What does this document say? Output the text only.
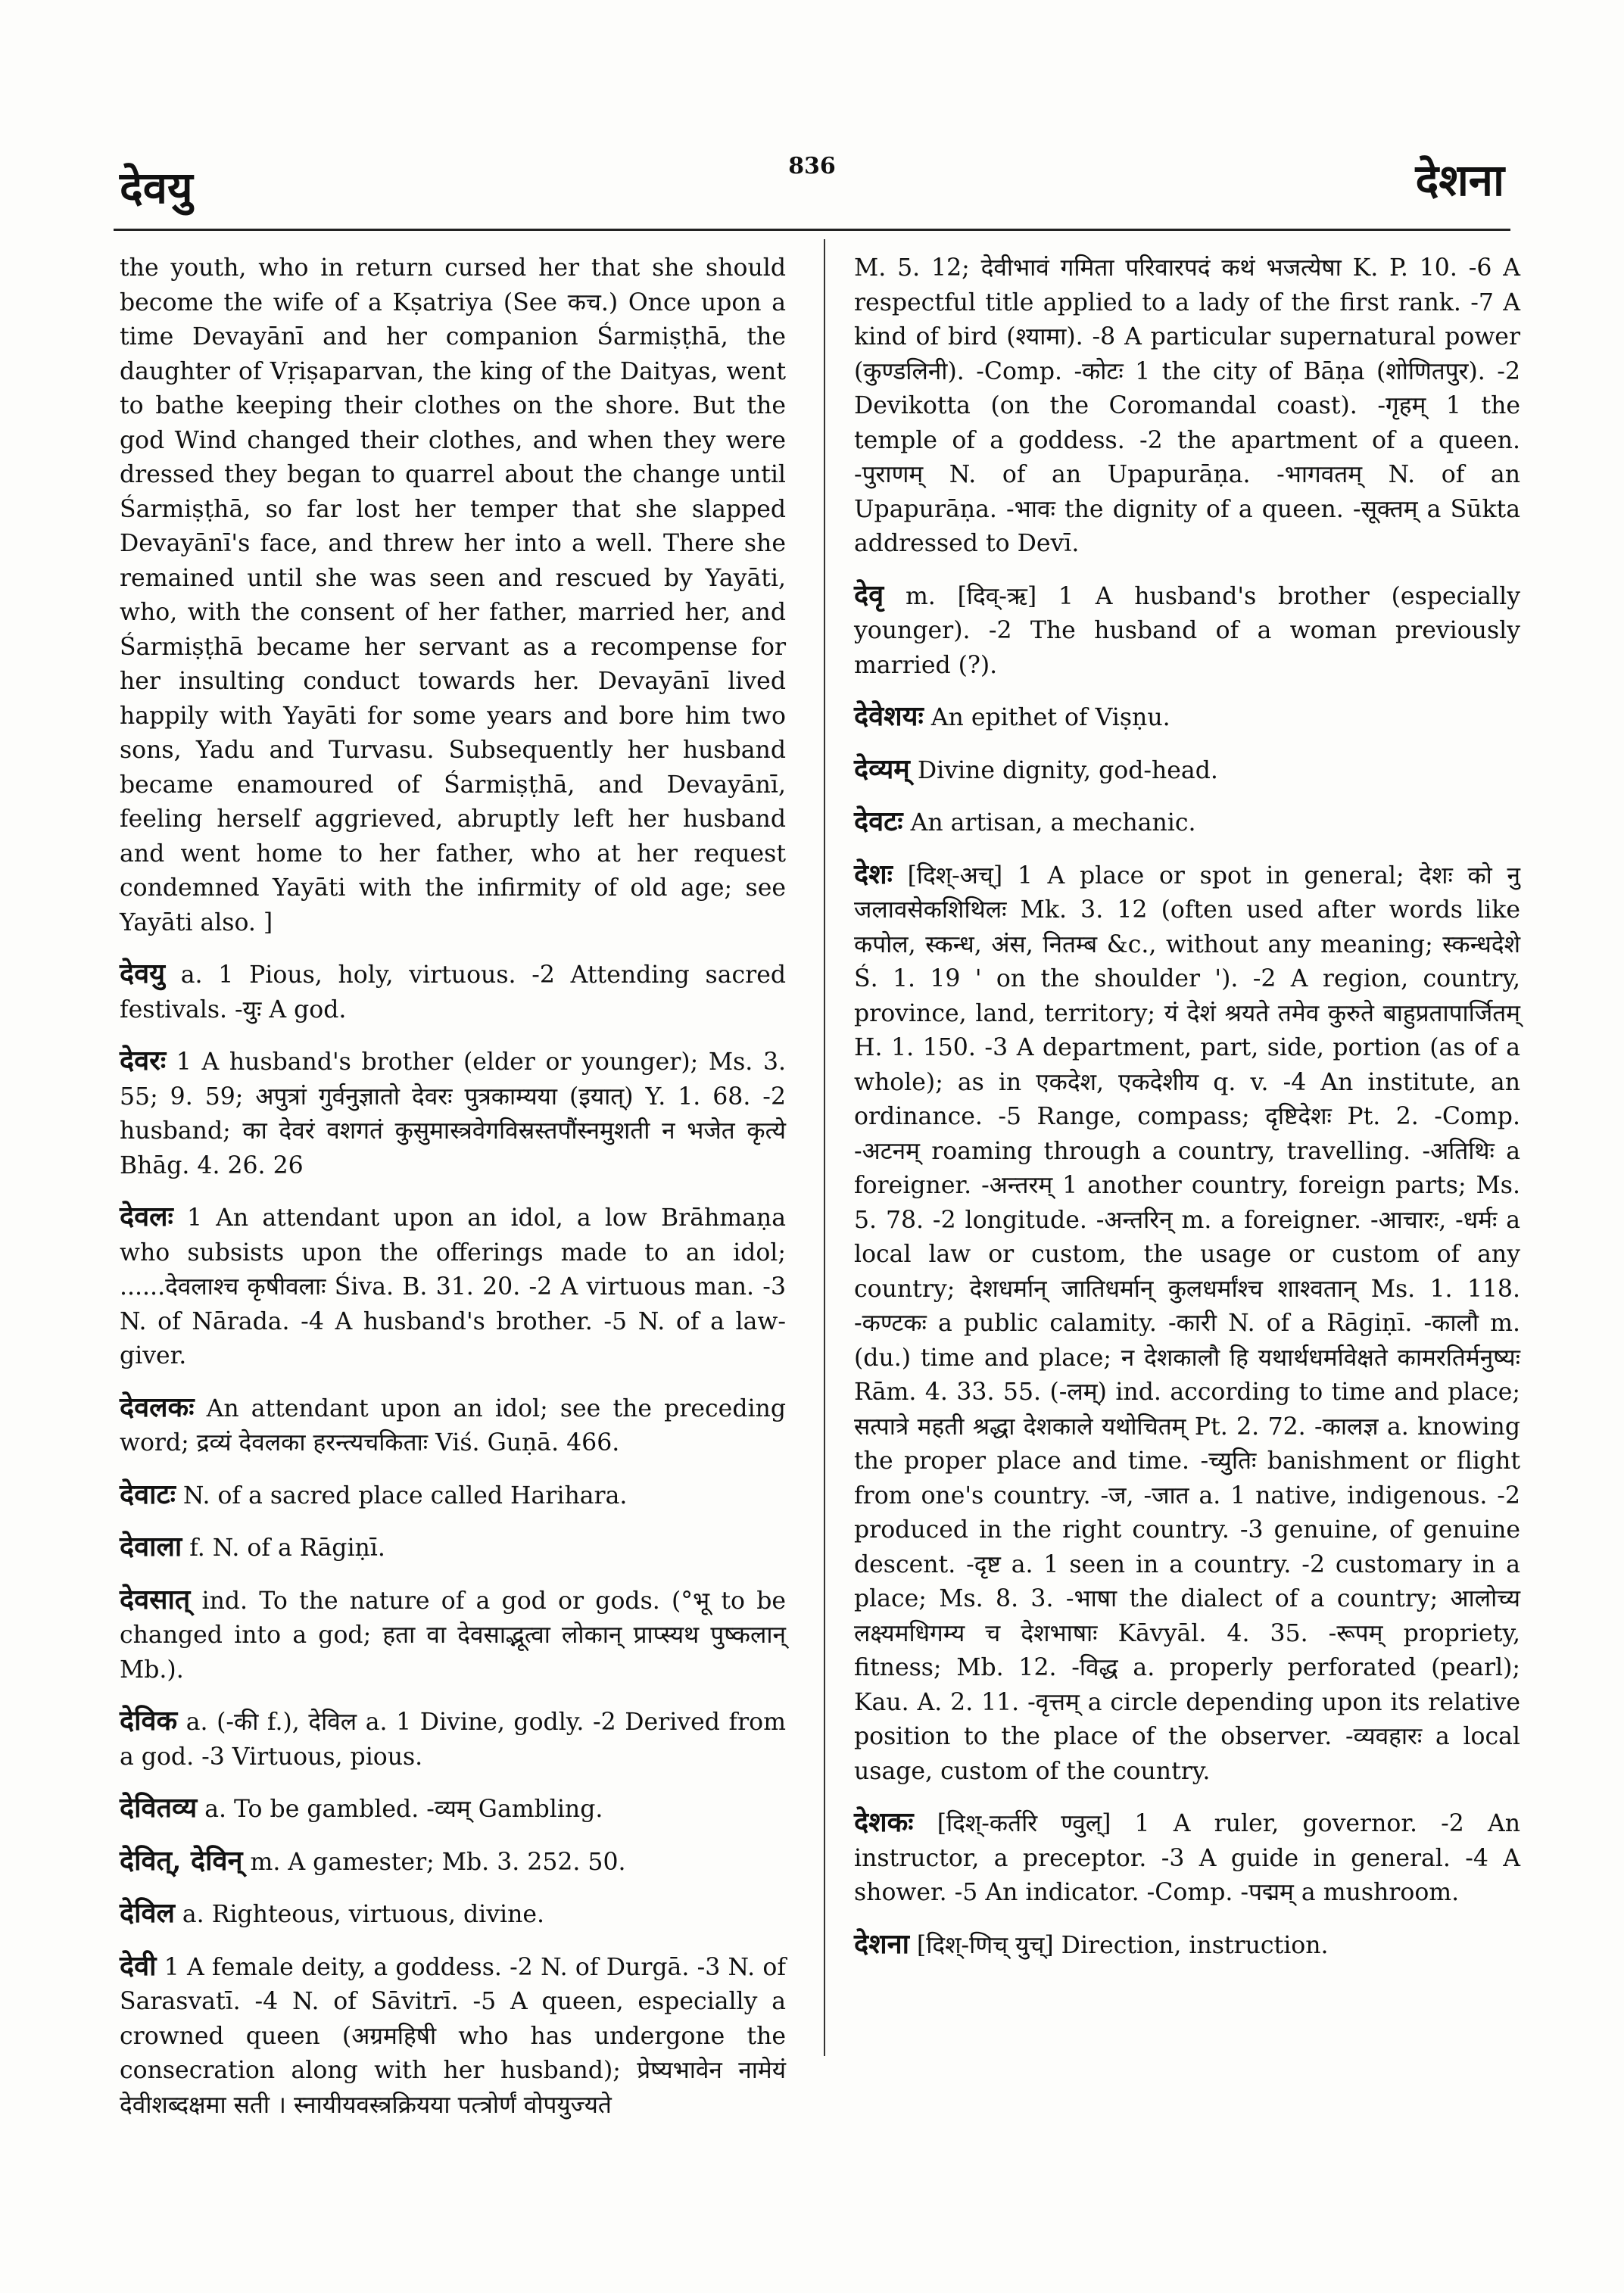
देवयु	836	देशना

the youth, who in return cursed her that she should become the wife of a Kṣatriya (See कच.) Once upon a time Devayānī and her companion Śarmiṣṭhā, the daughter of Vṛiṣaparvan, the king of the Daityas, went to bathe keeping their clothes on the shore. But the god Wind changed their clothes, and when they were dressed they began to quarrel about the change until Śarmiṣṭhā, so far lost her temper that she slapped Devayānī's face, and threw her into a well. There she remained until she was seen and rescued by Yayāti, who, with the consent of her father, married her, and Śarmiṣṭhā became her servant as a recompense for her insulting conduct towards her. Devayānī lived happily with Yayāti for some years and bore him two sons, Yadu and Turvasu. Subsequently her husband became enamoured of Śarmiṣṭhā, and Devayānī, feeling herself aggrieved, abruptly left her husband and went home to her father, who at her request condemned Yayāti with the infirmity of old age; see Yayāti also. ]

देवयु a. 1 Pious, holy, virtuous. -2 Attending sacred festivals. -युः A god.

देवरः 1 A husband's brother (elder or younger); Ms. 3. 55; 9. 59; अपुत्रां गुर्वनुज्ञातो देवरः पुत्रकाम्यया (इयात्) Y. 1. 68. -2 husband; का देवरं वशगतं कुसुमास्त्रवेगविस्रस्तपौंस्नमुशती न भजेत कृत्ये Bhāg. 4. 26. 26

देवलः 1 An attendant upon an idol, a low Brāhmaṇa who subsists upon the offerings made to an idol; ......देवलाश्च कृषीवलाः Śiva. B. 31. 20. -2 A virtuous man. -3 N. of Nārada. -4 A husband's brother. -5 N. of a law-giver.

देवलकः An attendant upon an idol; see the preceding word; द्रव्यं देवलका हरन्त्यचकिताः Viś. Guṇā. 466.

देवाटः N. of a sacred place called Harihara.

देवाला f. N. of a Rāgiṇī.

देवसात् ind. To the nature of a god or gods. (°भू to be changed into a god; हता वा देवसाद्भूत्वा लोकान् प्राप्स्यथ पुष्कलान् Mb.).

देविक a. (-की f.), देविल a. 1 Divine, godly. -2 Derived from a god. -3 Virtuous, pious.

देवितव्य a. To be gambled. -व्यम् Gambling.

देवित्, देविन् m. A gamester; Mb. 3. 252. 50.

देविल a. Righteous, virtuous, divine.

देवी 1 A female deity, a goddess. -2 N. of Durgā. -3 N. of Sarasvatī. -4 N. of Sāvitrī. -5 A queen, especially a crowned queen (अग्रमहिषी who has undergone the consecration along with her husband); प्रेष्यभावेन नामेयं देवीशब्दक्षमा सती । स्नायीयवस्त्रक्रियया पत्त्रोर्णं वोपयुज्यते

M. 5. 12; देवीभावं गमिता परिवारपदं कथं भजत्येषा K. P. 10. -6 A respectful title applied to a lady of the first rank. -7 A kind of bird (श्यामा). -8 A particular supernatural power (कुण्डलिनी). -Comp. -कोटः 1 the city of Bāṇa (शोणितपुर). -2 Devikotta (on the Coromandal coast). -गृहम् 1 the temple of a goddess. -2 the apartment of a queen. -पुराणम् N. of an Upapurāṇa. -भागवतम् N. of an Upapurāṇa. -भावः the dignity of a queen. -सूक्तम् a Sūkta addressed to Devī.

देवृ m. [दिव्-ऋ] 1 A husband's brother (especially younger). -2 The husband of a woman previously married (?).

देवेशयः An epithet of Viṣṇu.

देव्यम् Divine dignity, god-head.

देवटः An artisan, a mechanic.

देशः [दिश्-अच्] 1 A place or spot in general; देशः को नु जलावसेकशिथिलः Mk. 3. 12 (often used after words like कपोल, स्कन्ध, अंस, नितम्ब &c., without any meaning; स्कन्धदेशे Ś. 1. 19 ' on the shoulder '). -2 A region, country, province, land, territory; यं देशं श्रयते तमेव कुरुते बाहुप्रतापार्जितम् H. 1. 150. -3 A department, part, side, portion (as of a whole); as in एकदेश, एकदेशीय q. v. -4 An institute, an ordinance. -5 Range, compass; दृष्टिदेशः Pt. 2. -Comp. -अटनम् roaming through a country, travelling. -अतिथिः a foreigner. -अन्तरम् 1 another country, foreign parts; Ms. 5. 78. -2 longitude. -अन्तरिन् m. a foreigner. -आचारः, -धर्मः a local law or custom, the usage or custom of any country; देशधर्मान् जातिधर्मान् कुलधर्मांश्च शाश्वतान् Ms. 1. 118. -कण्टकः a public calamity. -कारी N. of a Rāgiṇī. -कालौ m. (du.) time and place; न देशकालौ हि यथार्थधर्मावेक्षते कामरतिर्मनुष्यः Rām. 4. 33. 55. (-लम्) ind. according to time and place; सत्पात्रे महती श्रद्धा देशकाले यथोचितम् Pt. 2. 72. -कालज्ञ a. knowing the proper place and time. -च्युतिः banishment or flight from one's country. -ज, -जात a. 1 native, indigenous. -2 produced in the right country. -3 genuine, of genuine descent. -दृष्ट a. 1 seen in a country. -2 customary in a place; Ms. 8. 3. -भाषा the dialect of a country; आलोच्य लक्ष्यमधिगम्य च देशभाषाः Kāvyāl. 4. 35. -रूपम् propriety, fitness; Mb. 12. -विद्ध a. properly perforated (pearl); Kau. A. 2. 11. -वृत्तम् a circle depending upon its relative position to the place of the observer. -व्यवहारः a local usage, custom of the country.

देशकः [दिश्-कर्तरि ण्वुल्] 1 A ruler, governor. -2 An instructor, a preceptor. -3 A guide in general. -4 A shower. -5 An indicator. -Comp. -पद्मम् a mushroom.

देशना [दिश्-णिच् युच्] Direction, instruction.
